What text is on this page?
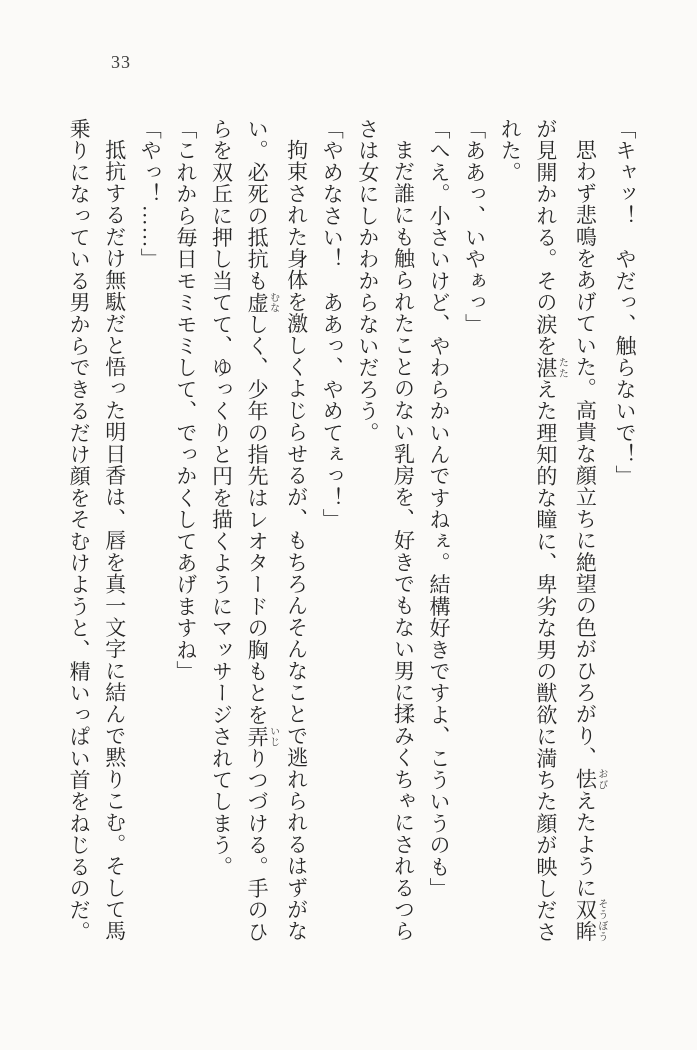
33
「キャッ！　やだっ、触らないで！」
思わず悲鳴をあげていた。高貴な顔立ちに絶望の色がひろがり、怯おびえたように双眸そうぼう
が見開かれる。その涙を湛たたえた理知的な瞳に、卑劣な男の獣欲に満ちた顔が映しださ
れた。
「ああっ、いやぁっ」
「へえ。小さいけど、やわらかいんですねぇ。結構好きですよ、こういうのも」
まだ誰にも触られたことのない乳房を、好きでもない男に揉みくちゃにされるつら
さは女にしかわからないだろう。
「やめなさい！　ああっ、やめてぇっ！」
拘束された身体を激しくよじらせるが、もちろんそんなことで逃れられるはずがな
い。必死の抵抗も虚むなしく、少年の指先はレオタードの胸もとを弄いじりつづける。手のひ
らを双丘に押し当てて、ゆっくりと円を描くようにマッサージされてしまう。
「これから毎日モミモミして、でっかくしてあげますね」
「やっ！……」
抵抗するだけ無駄だと悟った明日香は、唇を真一文字に結んで黙りこむ。そして馬
乗りになっている男からできるだけ顔をそむけようと、精いっぱい首をねじるのだ。
